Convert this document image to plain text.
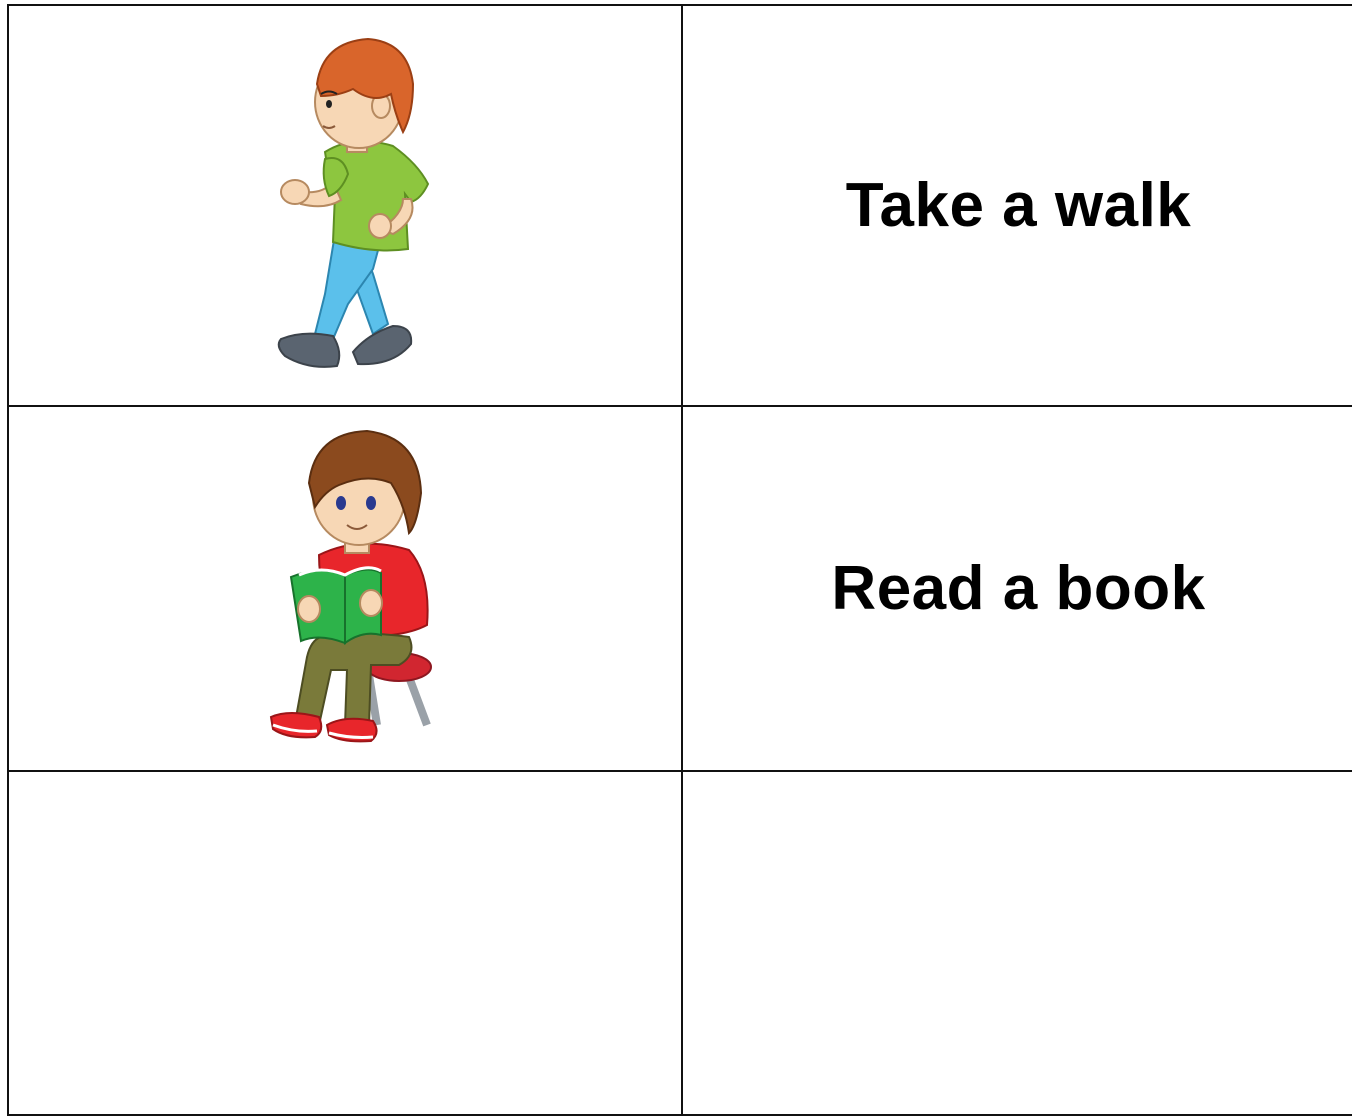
	Take a walk

	Read a book
